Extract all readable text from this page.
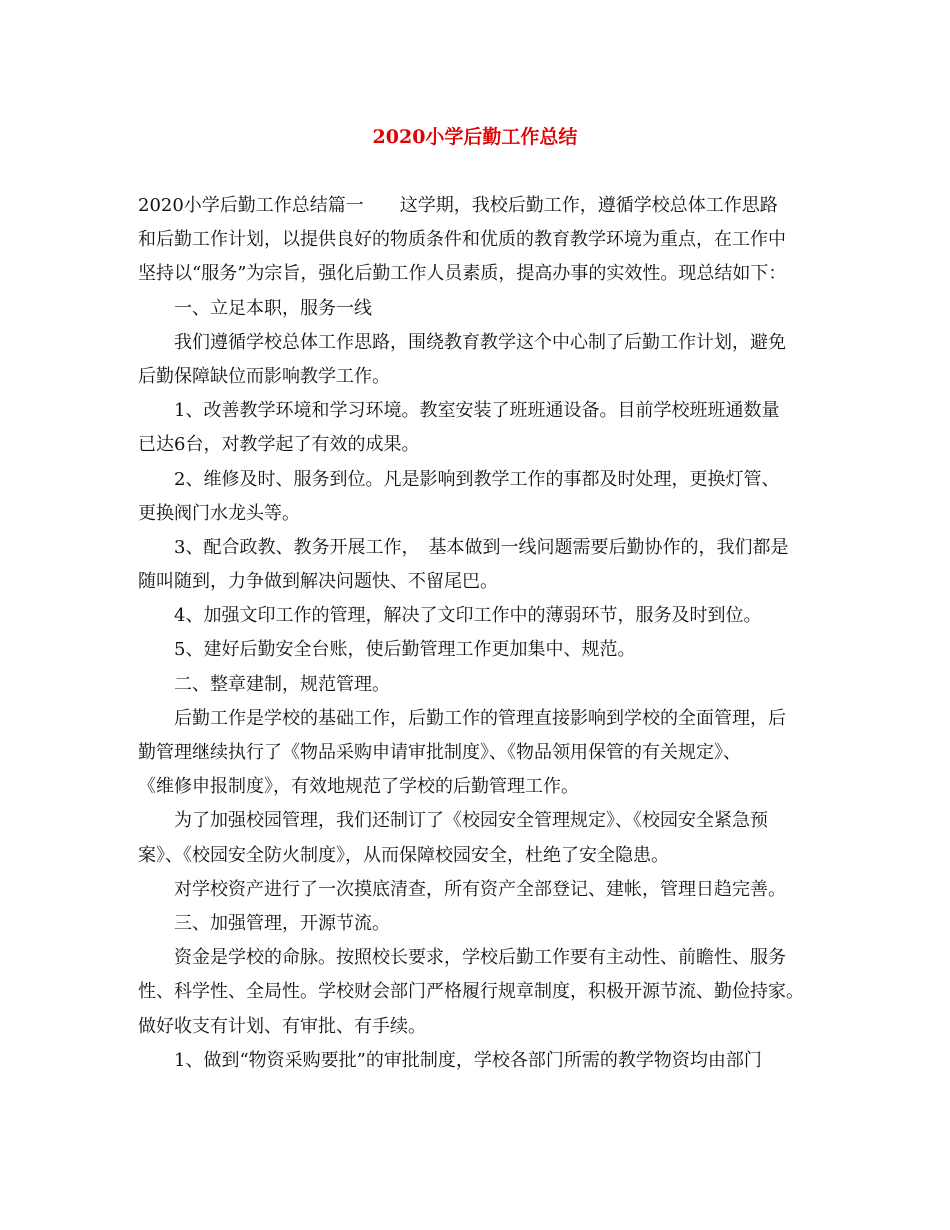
2020小学后勤工作总结
2020小学后勤工作总结篇一　　这学期，我校后勤工作，遵循学校总体工作思路
和后勤工作计划，以提供良好的物质条件和优质的教育教学环境为重点，在工作中
坚持以“服务”为宗旨，强化后勤工作人员素质，提高办事的实效性。现总结如下：
一、立足本职，服务一线
我们遵循学校总体工作思路，围绕教育教学这个中心制了后勤工作计划，避免
后勤保障缺位而影响教学工作。
1、改善教学环境和学习环境。教室安装了班班通设备。目前学校班班通数量
已达6台，对教学起了有效的成果。
2、维修及时、服务到位。凡是影响到教学工作的事都及时处理，更换灯管、
更换阀门水龙头等。
3、配合政教、教务开展工作，　基本做到一线问题需要后勤协作的，我们都是
随叫随到，力争做到解决问题快、不留尾巴。
4、加强文印工作的管理，解决了文印工作中的薄弱环节，服务及时到位。
5、建好后勤安全台账，使后勤管理工作更加集中、规范。
二、整章建制，规范管理。
后勤工作是学校的基础工作，后勤工作的管理直接影响到学校的全面管理，后
勤管理继续执行了《物品采购申请审批制度》、《物品领用保管的有关规定》、
《维修申报制度》，有效地规范了学校的后勤管理工作。
为了加强校园管理，我们还制订了《校园安全管理规定》、《校园安全紧急预
案》、《校园安全防火制度》，从而保障校园安全，杜绝了安全隐患。
对学校资产进行了一次摸底清查，所有资产全部登记、建帐，管理日趋完善。
三、加强管理，开源节流。
资金是学校的命脉。按照校长要求，学校后勤工作要有主动性、前瞻性、服务
性、科学性、全局性。学校财会部门严格履行规章制度，积极开源节流、勤俭持家。
做好收支有计划、有审批、有手续。
1、做到“物资采购要批”的审批制度，学校各部门所需的教学物资均由部门
